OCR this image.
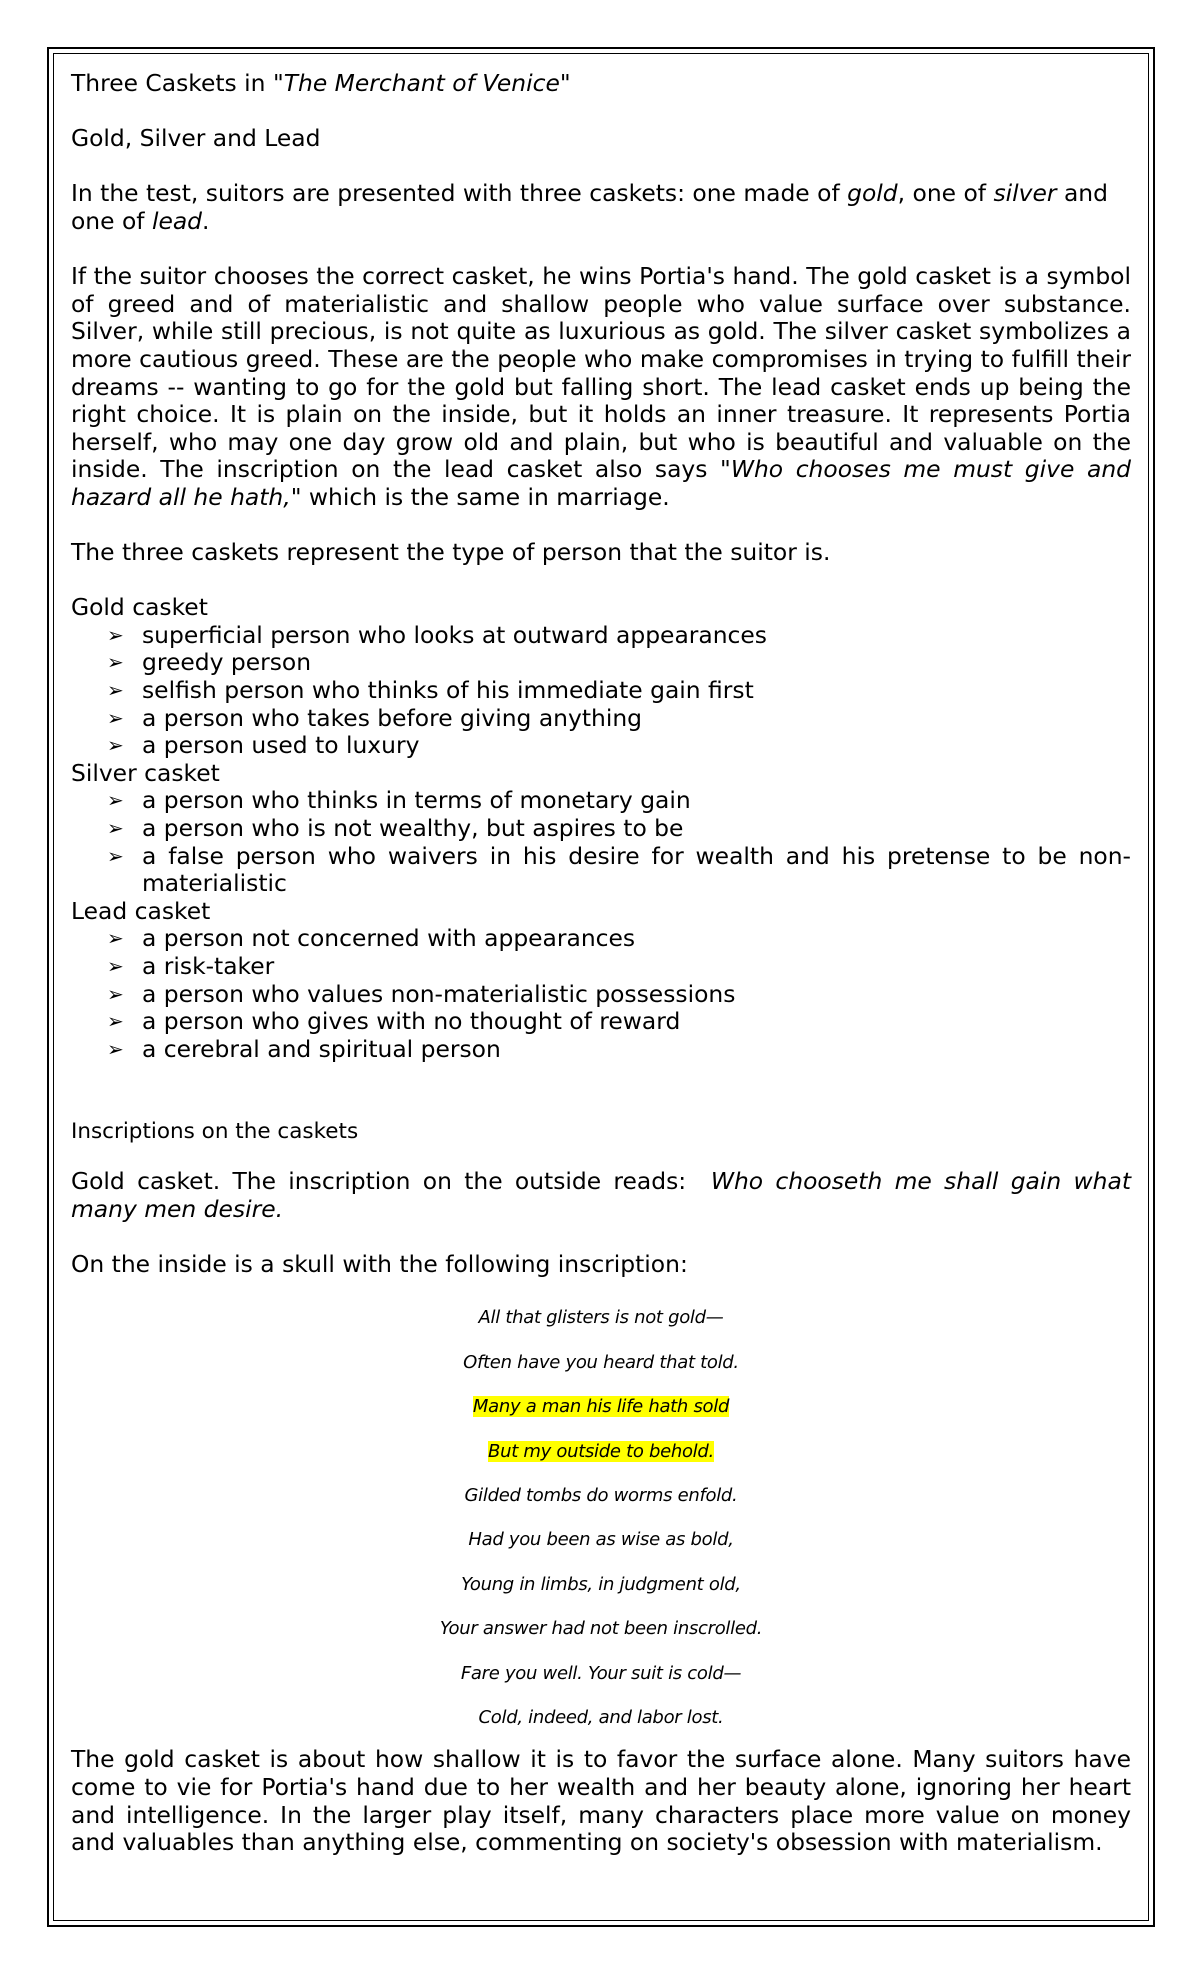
Three Caskets in "The Merchant of Venice"

Gold, Silver and Lead

In the test, suitors are presented with three caskets: one made of gold, one of silver and one of lead.

If the suitor chooses the correct casket, he wins Portia's hand. The gold casket is a symbol of greed and of materialistic and shallow people who value surface over substance. Silver, while still precious, is not quite as luxurious as gold. The silver casket symbolizes a more cautious greed. These are the people who make compromises in trying to fulfill their dreams -- wanting to go for the gold but falling short. The lead casket ends up being the right choice. It is plain on the inside, but it holds an inner treasure. It represents Portia herself, who may one day grow old and plain, but who is beautiful and valuable on the inside. The inscription on the lead casket also says "Who chooses me must give and hazard all he hath," which is the same in marriage.

The three caskets represent the type of person that the suitor is.

Gold casket

➢ superficial person who looks at outward appearances
➢ greedy person
➢ selfish person who thinks of his immediate gain first
➢ a person who takes before giving anything
➢ a person used to luxury

Silver casket

➢ a person who thinks in terms of monetary gain
➢ a person who is not wealthy, but aspires to be
➢ a false person who waivers in his desire for wealth and his pretense to be non-materialistic

Lead casket

➢ a person not concerned with appearances
➢ a risk-taker
➢ a person who values non-materialistic possessions
➢ a person who gives with no thought of reward
➢ a cerebral and spiritual person

Inscriptions on the caskets

Gold casket. The inscription on the outside reads:  Who chooseth me shall gain what many men desire.

On the inside is a skull with the following inscription:

All that glisters is not gold—
Often have you heard that told.
Many a man his life hath sold
But my outside to behold.
Gilded tombs do worms enfold.
Had you been as wise as bold,
Young in limbs, in judgment old,
Your answer had not been inscrolled.
Fare you well. Your suit is cold—
Cold, indeed, and labor lost.

The gold casket is about how shallow it is to favor the surface alone. Many suitors have come to vie for Portia's hand due to her wealth and her beauty alone, ignoring her heart and intelligence. In the larger play itself, many characters place more value on money and valuables than anything else, commenting on society's obsession with materialism.
